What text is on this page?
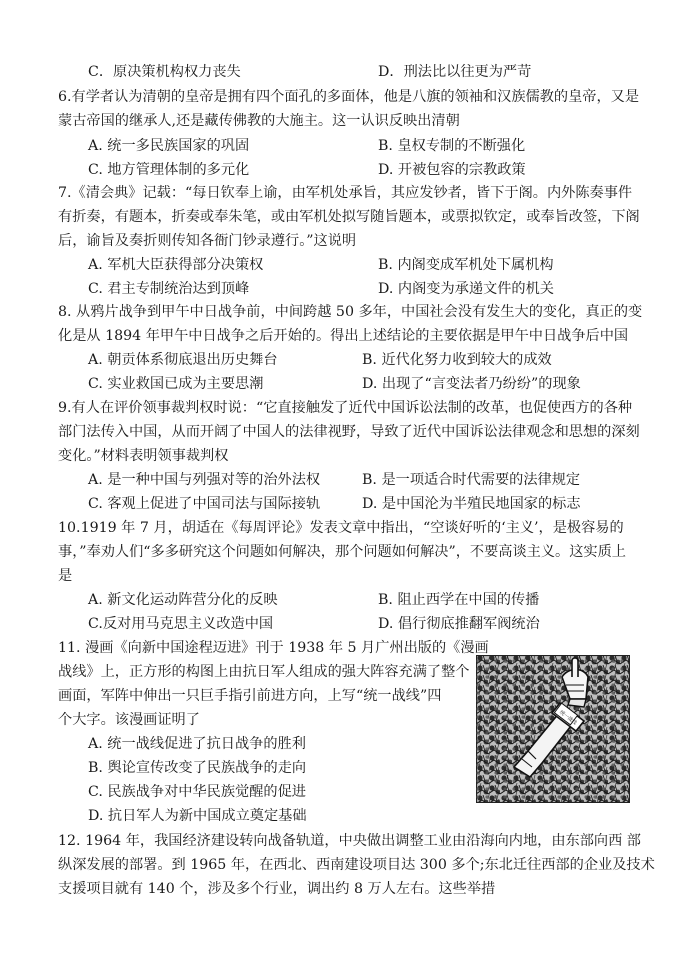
C．原决策机构权力丧失	D．刑法比以往更为严苛
6.有学者认为清朝的皇帝是拥有四个面孔的多面体，他是八旗的领袖和汉族儒教的皇帝，又是
蒙古帝国的继承人,还是藏传佛教的大施主。这一认识反映出清朝
A. 统一多民族国家的巩固	B. 皇权专制的不断强化
C. 地方管理体制的多元化	D. 开被包容的宗教政策
7.《清会典》记载：“每日钦奉上谕，由军机处承旨，其应发钞者，皆下于阁。内外陈奏事件
有折奏，有题本，折奏或奉朱笔，或由军机处拟写随旨题本，或票拟钦定，或奉旨改签，下阁
后，谕旨及奏折则传知各衙门钞录遵行。”这说明
A. 军机大臣获得部分决策权	B. 内阁变成军机处下属机构
C. 君主专制统治达到顶峰	D. 内阁变为承递文件的机关
8. 从鸦片战争到甲午中日战争前，中间跨越 50 多年，中国社会没有发生大的变化，真正的变
化是从 1894 年甲午中日战争之后开始的。得出上述结论的主要依据是甲午中日战争后中国
A. 朝贡体系彻底退出历史舞台	B. 近代化努力收到较大的成效
C. 实业救国已成为主要思潮	D. 出现了“言变法者乃纷纷”的现象
9.有人在评价领事裁判权时说：“它直接触发了近代中国诉讼法制的改革，也促使西方的各种
部门法传入中国，从而开阔了中国人的法律视野，导致了近代中国诉讼法律观念和思想的深刻
变化。”材料表明领事裁判权
A. 是一种中国与列强对等的治外法权	B. 是一项适合时代需要的法律规定
C. 客观上促进了中国司法与国际接轨	D. 是中国沦为半殖民地国家的标志
10.1919 年 7 月，胡适在《每周评论》发表文章中指出，“空谈好听的‘主义’，是极容易的
事，”奉劝人们“多多研究这个问题如何解决，那个问题如何解决”，不要高谈主义。这实质上
是
A. 新文化运动阵营分化的反映	B. 阻止西学在中国的传播
C.反对用马克思主义改造中国	D. 倡行彻底推翻军阀统治
11. 漫画《向新中国途程迈进》刊于 1938 年 5 月广州出版的《漫画
战线》上，正方形的构图上由抗日军人组成的强大阵容充满了整个
画面，军阵中伸出一只巨手指引前进方向，上写“统一战线”四
个大字。该漫画证明了
A. 统一战线促进了抗日战争的胜利
B. 舆论宣传改变了民族战争的走向
C. 民族战争对中华民族觉醒的促进
D. 抗日军人为新中国成立奠定基础
统一战线
12. 1964 年，我国经济建设转向战备轨道，中央做出调整工业由沿海向内地，由东部向西 部
纵深发展的部署。到 1965 年，在西北、西南建设项目达 300 多个;东北迁往西部的企业及技术
支援项目就有 140 个，涉及多个行业，调出约 8 万人左右。这些举措
